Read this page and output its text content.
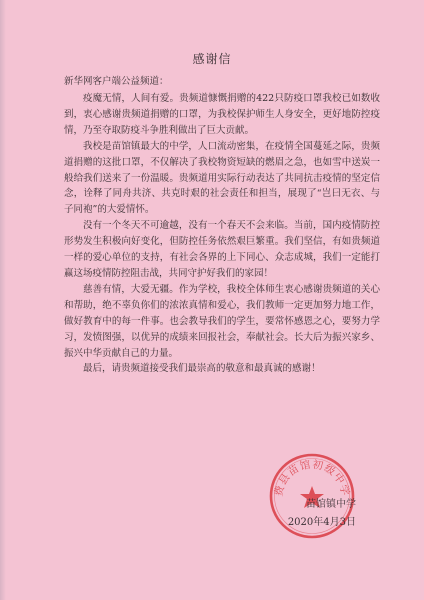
感谢信
新华网客户端公益频道：

疫魔无情，人间有爱。贵频道慷慨捐赠的422只防疫口罩我校已如数收到，衷心感谢贵频道捐赠的口罩，为我校保护师生人身安全，更好地防控疫情，乃至夺取防疫斗争胜利做出了巨大贡献。

我校是苗馆镇最大的中学，人口流动密集，在疫情全国蔓延之际，贵频道捐赠的这批口罩，不仅解决了我校物资短缺的燃眉之急，也如雪中送炭一般给我们送来了一份温暖。贵频道用实际行动表达了共同抗击疫情的坚定信念，诠释了同舟共济、共克时艰的社会责任和担当，展现了“岂曰无衣、与子同袍”的大爱情怀。

没有一个冬天不可逾越，没有一个春天不会来临。当前，国内疫情防控形势发生积极向好变化，但防控任务依然艰巨繁重。我们坚信，有如贵频道一样的爱心单位的支持，有社会各界的上下同心、众志成城，我们一定能打赢这场疫情防控阻击战，共同守护好我们的家园！

慈善有情，大爱无疆。作为学校，我校全体师生衷心感谢贵频道的关心和帮助，绝不辜负你们的浓浓真情和爱心，我们教师一定更加努力地工作，做好教育中的每一件事。也会教导我们的学生，要常怀感恩之心，要努力学习，发愤图强，以优异的成绩来回报社会，奉献社会。长大后为振兴家乡、振兴中华贡献自己的力量。

最后，请贵频道接受我们最崇高的敬意和最真诚的感谢！

费县苗馆初级中学
苗馆镇中学
2020年4月3日
